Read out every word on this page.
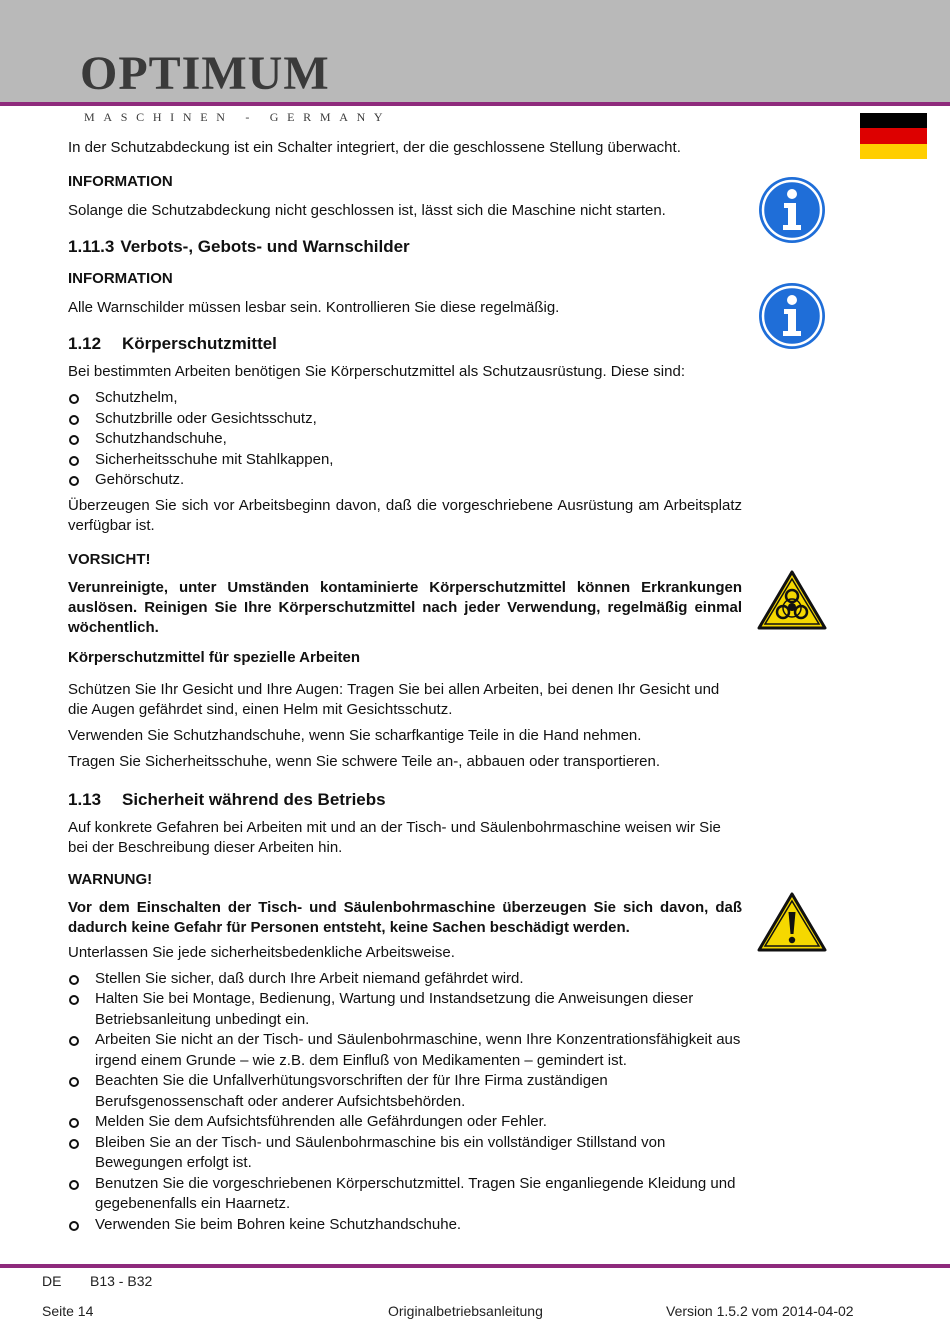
OPTIMUM
MASCHINEN - GERMANY

In der Schutzabdeckung ist ein Schalter integriert, der die geschlossene Stellung überwacht.

INFORMATION

Solange die Schutzabdeckung nicht geschlossen ist, lässt sich die Maschine nicht starten.

1.11.3 Verbots-, Gebots- und Warnschilder
INFORMATION

Alle Warnschilder müssen lesbar sein. Kontrollieren Sie diese regelmäßig.

1.12 Körperschutzmittel

Bei bestimmten Arbeiten benötigen Sie Körperschutzmittel als Schutzausrüstung. Diese sind:

Schutzhelm,
Schutzbrille oder Gesichtsschutz,
Schutzhandschuhe,
Sicherheitsschuhe mit Stahlkappen,
Gehörschutz.

Überzeugen Sie sich vor Arbeitsbeginn davon, daß die vorgeschriebene Ausrüstung am Arbeitsplatz verfügbar ist.

VORSICHT!

Verunreinigte, unter Umständen kontaminierte Körperschutzmittel können Erkrankungen auslösen. Reinigen Sie Ihre Körperschutzmittel nach jeder Verwendung, regelmäßig einmal wöchentlich.

Körperschutzmittel für spezielle Arbeiten

Schützen Sie Ihr Gesicht und Ihre Augen: Tragen Sie bei allen Arbeiten, bei denen Ihr Gesicht und die Augen gefährdet sind, einen Helm mit Gesichtsschutz.

Verwenden Sie Schutzhandschuhe, wenn Sie scharfkantige Teile in die Hand nehmen.

Tragen Sie Sicherheitsschuhe, wenn Sie schwere Teile an-, abbauen oder transportieren.

1.13 Sicherheit während des Betriebs

Auf konkrete Gefahren bei Arbeiten mit und an der Tisch- und Säulenbohrmaschine weisen wir Sie bei der Beschreibung dieser Arbeiten hin.

WARNUNG!

Vor dem Einschalten der Tisch- und Säulenbohrmaschine überzeugen Sie sich davon, daß dadurch keine Gefahr für Personen entsteht, keine Sachen beschädigt werden.

Unterlassen Sie jede sicherheitsbedenkliche Arbeitsweise.

Stellen Sie sicher, daß durch Ihre Arbeit niemand gefährdet wird.
Halten Sie bei Montage, Bedienung, Wartung und Instandsetzung die Anweisungen dieser Betriebsanleitung unbedingt ein.
Arbeiten Sie nicht an der Tisch- und Säulenbohrmaschine, wenn Ihre Konzentrationsfähigkeit aus irgend einem Grunde – wie z.B. dem Einfluß von Medikamenten – gemindert ist.
Beachten Sie die Unfallverhütungsvorschriften der für Ihre Firma zuständigen Berufsgenossenschaft oder anderer Aufsichtsbehörden.
Melden Sie dem Aufsichtsführenden alle Gefährdungen oder Fehler.
Bleiben Sie an der Tisch- und Säulenbohrmaschine bis ein vollständiger Stillstand von Bewegungen erfolgt ist.
Benutzen Sie die vorgeschriebenen Körperschutzmittel. Tragen Sie enganliegende Kleidung und gegebenenfalls ein Haarnetz.
Verwenden Sie beim Bohren keine Schutzhandschuhe.
DE B13 - B32
Seite 14	Originalbetriebsanleitung	Version 1.5.2 vom 2014-04-02
